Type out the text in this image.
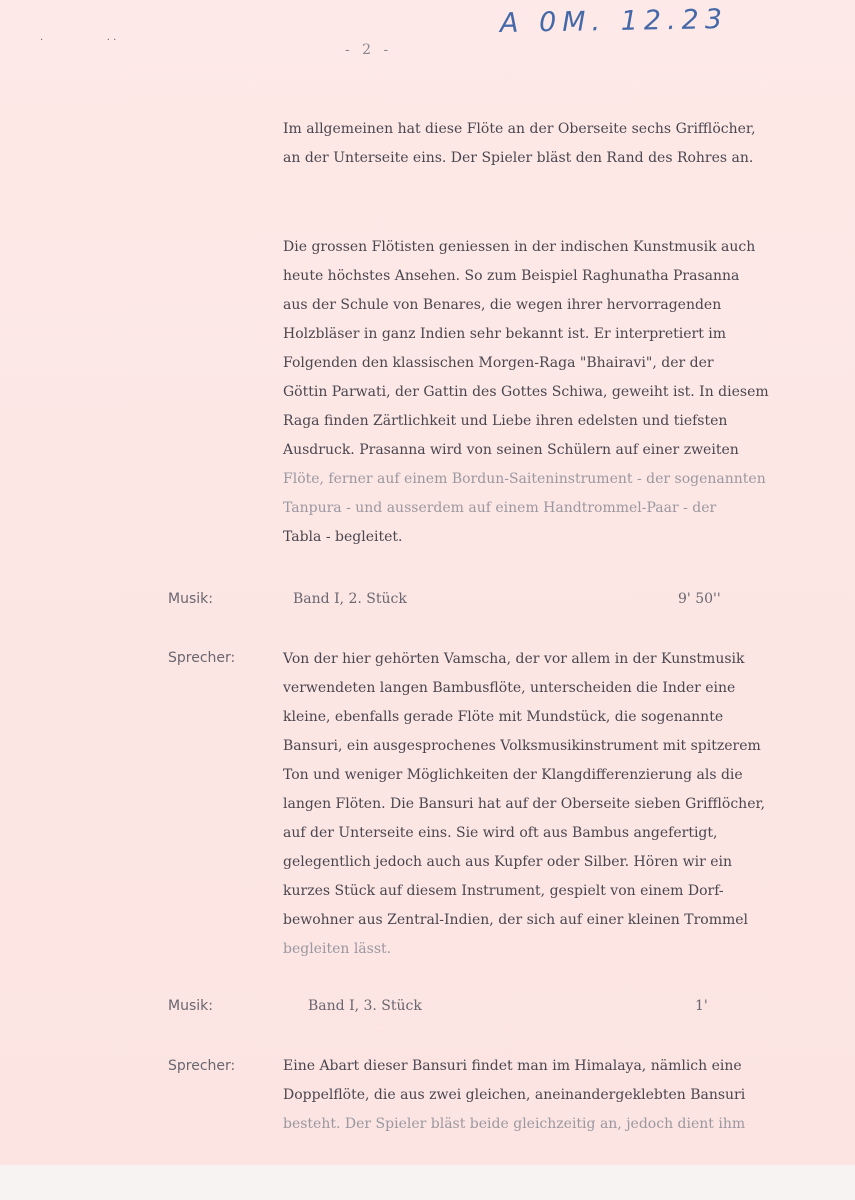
A 0M. 12.23
- 2 -
·                    · ·
Im allgemeinen hat diese Flöte an der Oberseite sechs Grifflöcher,
an der Unterseite eins. Der Spieler bläst den Rand des Rohres an.
Die grossen Flötisten geniessen in der indischen Kunstmusik auch
heute höchstes Ansehen. So zum Beispiel Raghunatha Prasanna
aus der Schule von Benares, die wegen ihrer hervorragenden
Holzbläser in ganz Indien sehr bekannt ist. Er interpretiert im
Folgenden den klassischen Morgen-Raga "Bhairavi", der der
Göttin Parwati, der Gattin des Gottes Schiwa, geweiht ist. In diesem
Raga finden Zärtlichkeit und Liebe ihren edelsten und tiefsten
Ausdruck. Prasanna wird von seinen Schülern auf einer zweiten
Flöte, ferner auf einem Bordun-Saiteninstrument - der sogenannten
Tanpura - und ausserdem auf einem Handtrommel-Paar - der
Tabla - begleitet.
Musik:	Band I, 2. Stück	9' 50''
Sprecher:	Von der hier gehörten Vamscha, der vor allem in der Kunstmusik
verwendeten langen Bambusflöte, unterscheiden die Inder eine
kleine, ebenfalls gerade Flöte mit Mundstück, die sogenannte
Bansuri, ein ausgesprochenes Volksmusikinstrument mit spitzerem
Ton und weniger Möglichkeiten der Klangdifferenzierung als die
langen Flöten. Die Bansuri hat auf der Oberseite sieben Grifflöcher,
auf der Unterseite eins. Sie wird oft aus Bambus angefertigt,
gelegentlich jedoch auch aus Kupfer oder Silber. Hören wir ein
kurzes Stück auf diesem Instrument, gespielt von einem Dorf-
bewohner aus Zentral-Indien, der sich auf einer kleinen Trommel
begleiten lässt.
Musik:	Band I, 3. Stück	1'
Sprecher:	Eine Abart dieser Bansuri findet man im Himalaya, nämlich eine
Doppelflöte, die aus zwei gleichen, aneinandergeklebten Bansuri
besteht. Der Spieler bläst beide gleichzeitig an, jedoch dient ihm
